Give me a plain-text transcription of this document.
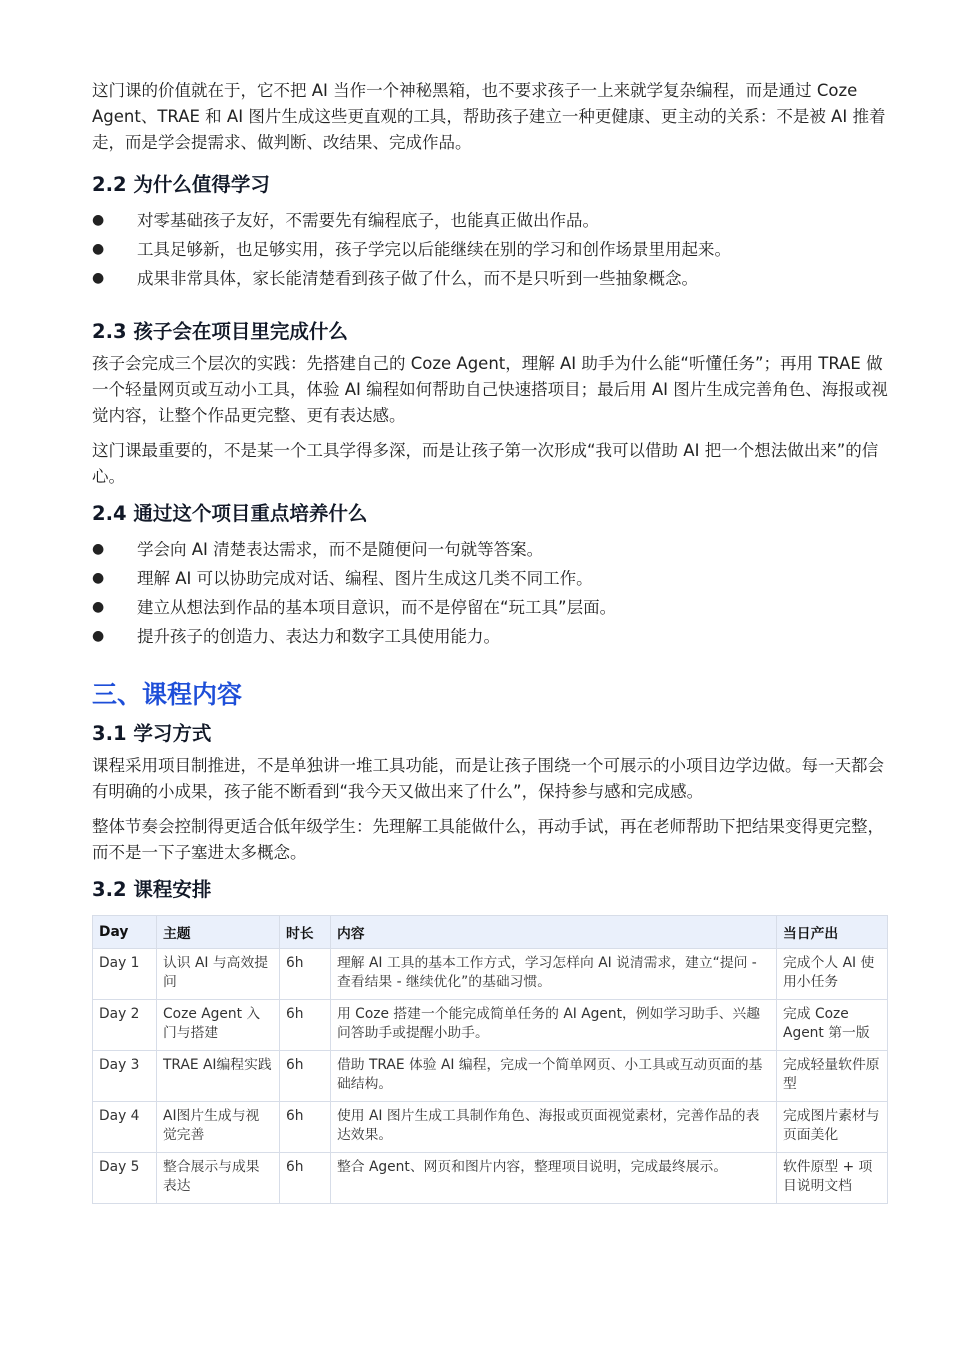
这门课的价值就在于，它不把 AI 当作一个神秘黑箱，也不要求孩子一上来就学复杂编程，而是通过 Coze Agent、TRAE 和 AI 图片生成这些更直观的工具，帮助孩子建立一种更健康、更主动的关系：不是被 AI 推着走，而是学会提需求、做判断、改结果、完成作品。

2.2 为什么值得学习
● 对零基础孩子友好，不需要先有编程底子，也能真正做出作品。
● 工具足够新，也足够实用，孩子学完以后能继续在别的学习和创作场景里用起来。
● 成果非常具体，家长能清楚看到孩子做了什么，而不是只听到一些抽象概念。
2.3 孩子会在项目里完成什么

孩子会完成三个层次的实践：先搭建自己的 Coze Agent，理解 AI 助手为什么能“听懂任务”；再用 TRAE 做一个轻量网页或互动小工具，体验 AI 编程如何帮助自己快速搭项目；最后用 AI 图片生成完善角色、海报或视觉内容，让整个作品更完整、更有表达感。

这门课最重要的，不是某一个工具学得多深，而是让孩子第一次形成“我可以借助 AI 把一个想法做出来”的信心。

2.4 通过这个项目重点培养什么
● 学会向 AI 清楚表达需求，而不是随便问一句就等答案。
● 理解 AI 可以协助完成对话、编程、图片生成这几类不同工作。
● 建立从想法到作品的基本项目意识，而不是停留在“玩工具”层面。
● 提升孩子的创造力、表达力和数字工具使用能力。
三、课程内容
3.1 学习方式

课程采用项目制推进，不是单独讲一堆工具功能，而是让孩子围绕一个可展示的小项目边学边做。每一天都会有明确的小成果，孩子能不断看到“我今天又做出来了什么”，保持参与感和完成感。

整体节奏会控制得更适合低年级学生：先理解工具能做什么，再动手试，再在老师帮助下把结果变得更完整，而不是一下子塞进太多概念。

3.2 课程安排
Day	主题	时长	内容	当日产出
Day 1	认识 AI 与高效提问	6h	理解 AI 工具的基本工作方式，学习怎样向 AI 说清需求，建立“提问 - 查看结果 - 继续优化”的基础习惯。	完成个人 AI 使用小任务
Day 2	Coze Agent 入门与搭建	6h	用 Coze 搭建一个能完成简单任务的 AI Agent，例如学习助手、兴趣问答助手或提醒小助手。	完成 Coze Agent 第一版
Day 3	TRAE AI编程实践	6h	借助 TRAE 体验 AI 编程，完成一个简单网页、小工具或互动页面的基础结构。	完成轻量软件原型
Day 4	AI图片生成与视觉完善	6h	使用 AI 图片生成工具制作角色、海报或页面视觉素材，完善作品的表达效果。	完成图片素材与页面美化
Day 5	整合展示与成果表达	6h	整合 Agent、网页和图片内容，整理项目说明，完成最终展示。	软件原型 + 项目说明文档
